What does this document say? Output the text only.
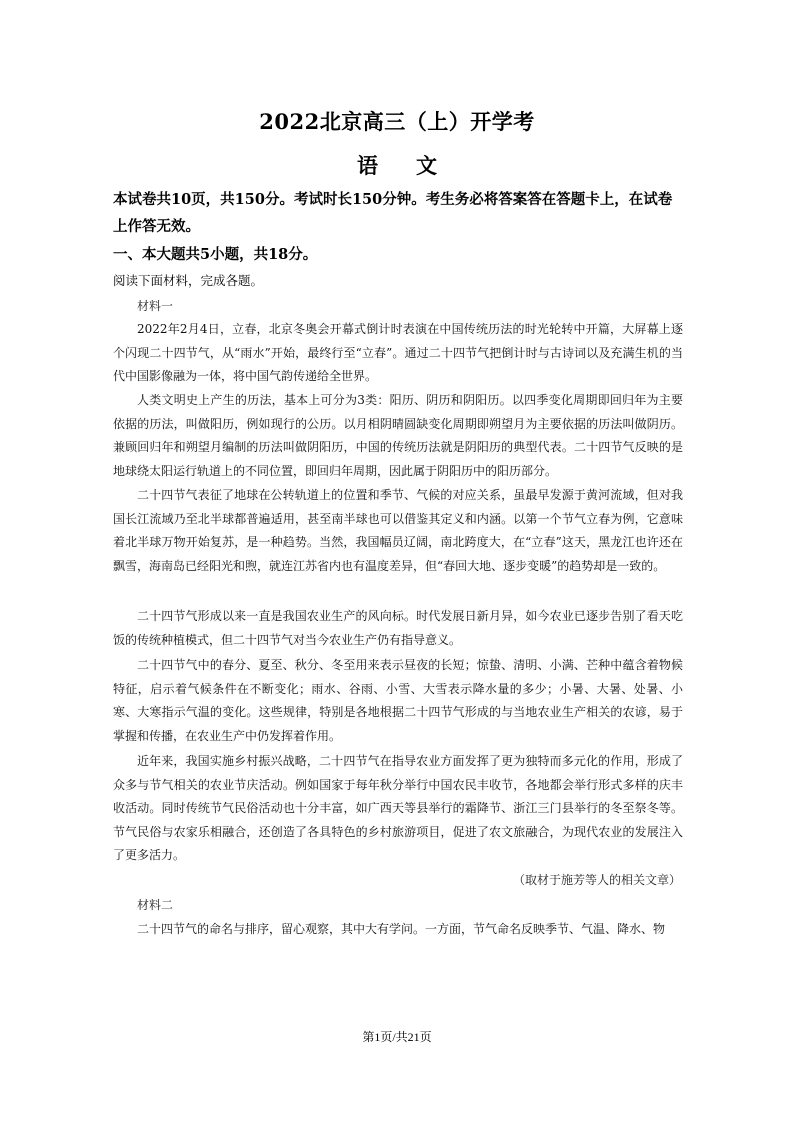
2022北京高三（上）开学考
语文
本试卷共10页，共150分。考试时长150分钟。考生务必将答案答在答题卡上，在试卷上作答无效。
一、本大题共5小题，共18分。
阅读下面材料，完成各题。
材料一
2022年2月4日，立春，北京冬奥会开幕式倒计时表演在中国传统历法的时光轮转中开篇，大屏幕上逐个闪现二十四节气，从“雨水”开始，最终行至“立春”。通过二十四节气把倒计时与古诗词以及充满生机的当代中国影像融为一体，将中国气韵传递给全世界。
人类文明史上产生的历法，基本上可分为3类：阳历、阴历和阴阳历。以四季变化周期即回归年为主要依据的历法，叫做阳历，例如现行的公历。以月相阴晴圆缺变化周期即朔望月为主要依据的历法叫做阴历。兼顾回归年和朔望月编制的历法叫做阴阳历，中国的传统历法就是阴阳历的典型代表。二十四节气反映的是地球绕太阳运行轨道上的不同位置，即回归年周期，因此属于阴阳历中的阳历部分。
二十四节气表征了地球在公转轨道上的位置和季节、气候的对应关系，虽最早发源于黄河流域，但对我国长江流域乃至北半球都普遍适用，甚至南半球也可以借鉴其定义和内涵。以第一个节气立春为例，它意味着北半球万物开始复苏，是一种趋势。当然，我国幅员辽阔，南北跨度大，在“立春”这天，黑龙江也许还在飘雪，海南岛已经阳光和煦，就连江苏省内也有温度差异，但“春回大地、逐步变暖”的趋势却是一致的。
二十四节气形成以来一直是我国农业生产的风向标。时代发展日新月异，如今农业已逐步告别了看天吃饭的传统种植模式，但二十四节气对当今农业生产仍有指导意义。
二十四节气中的春分、夏至、秋分、冬至用来表示昼夜的长短；惊蛰、清明、小满、芒种中蕴含着物候特征，启示着气候条件在不断变化；雨水、谷雨、小雪、大雪表示降水量的多少；小暑、大暑、处暑、小寒、大寒指示气温的变化。这些规律，特别是各地根据二十四节气形成的与当地农业生产相关的农谚，易于掌握和传播，在农业生产中仍发挥着作用。
近年来，我国实施乡村振兴战略，二十四节气在指导农业方面发挥了更为独特而多元化的作用，形成了众多与节气相关的农业节庆活动。例如国家于每年秋分举行中国农民丰收节，各地都会举行形式多样的庆丰收活动。同时传统节气民俗活动也十分丰富，如广西天等县举行的霜降节、浙江三门县举行的冬至祭冬等。节气民俗与农家乐相融合，还创造了各具特色的乡村旅游项目，促进了农文旅融合，为现代农业的发展注入了更多活力。
（取材于施芳等人的相关文章）
材料二
二十四节气的命名与排序，留心观察，其中大有学问。一方面，节气命名反映季节、气温、降水、物
第1页/共21页
